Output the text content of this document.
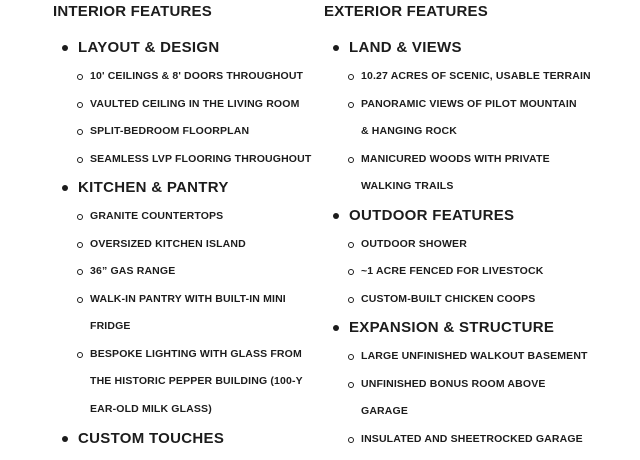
INTERIOR FEATURES
LAYOUT & DESIGN
10' CEILINGS & 8' DOORS THROUGHOUT
VAULTED CEILING IN THE LIVING ROOM
SPLIT-BEDROOM FLOORPLAN
SEAMLESS LVP FLOORING THROUGHOUT
KITCHEN & PANTRY
GRANITE COUNTERTOPS
OVERSIZED KITCHEN ISLAND
36” GAS RANGE
WALK-IN PANTRY WITH BUILT-IN MINI
FRIDGE
BESPOKE LIGHTING WITH GLASS FROM
THE HISTORIC PEPPER BUILDING (100-Y
EAR-OLD MILK GLASS)
CUSTOM TOUCHES
EXTERIOR FEATURES
LAND & VIEWS
10.27 ACRES OF SCENIC, USABLE TERRAIN
PANORAMIC VIEWS OF PILOT MOUNTAIN
& HANGING ROCK
MANICURED WOODS WITH PRIVATE
WALKING TRAILS
OUTDOOR FEATURES
OUTDOOR SHOWER
~1 ACRE FENCED FOR LIVESTOCK
CUSTOM-BUILT CHICKEN COOPS
EXPANSION & STRUCTURE
LARGE UNFINISHED WALKOUT BASEMENT
UNFINISHED BONUS ROOM ABOVE
GARAGE
INSULATED AND SHEETROCKED GARAGE
